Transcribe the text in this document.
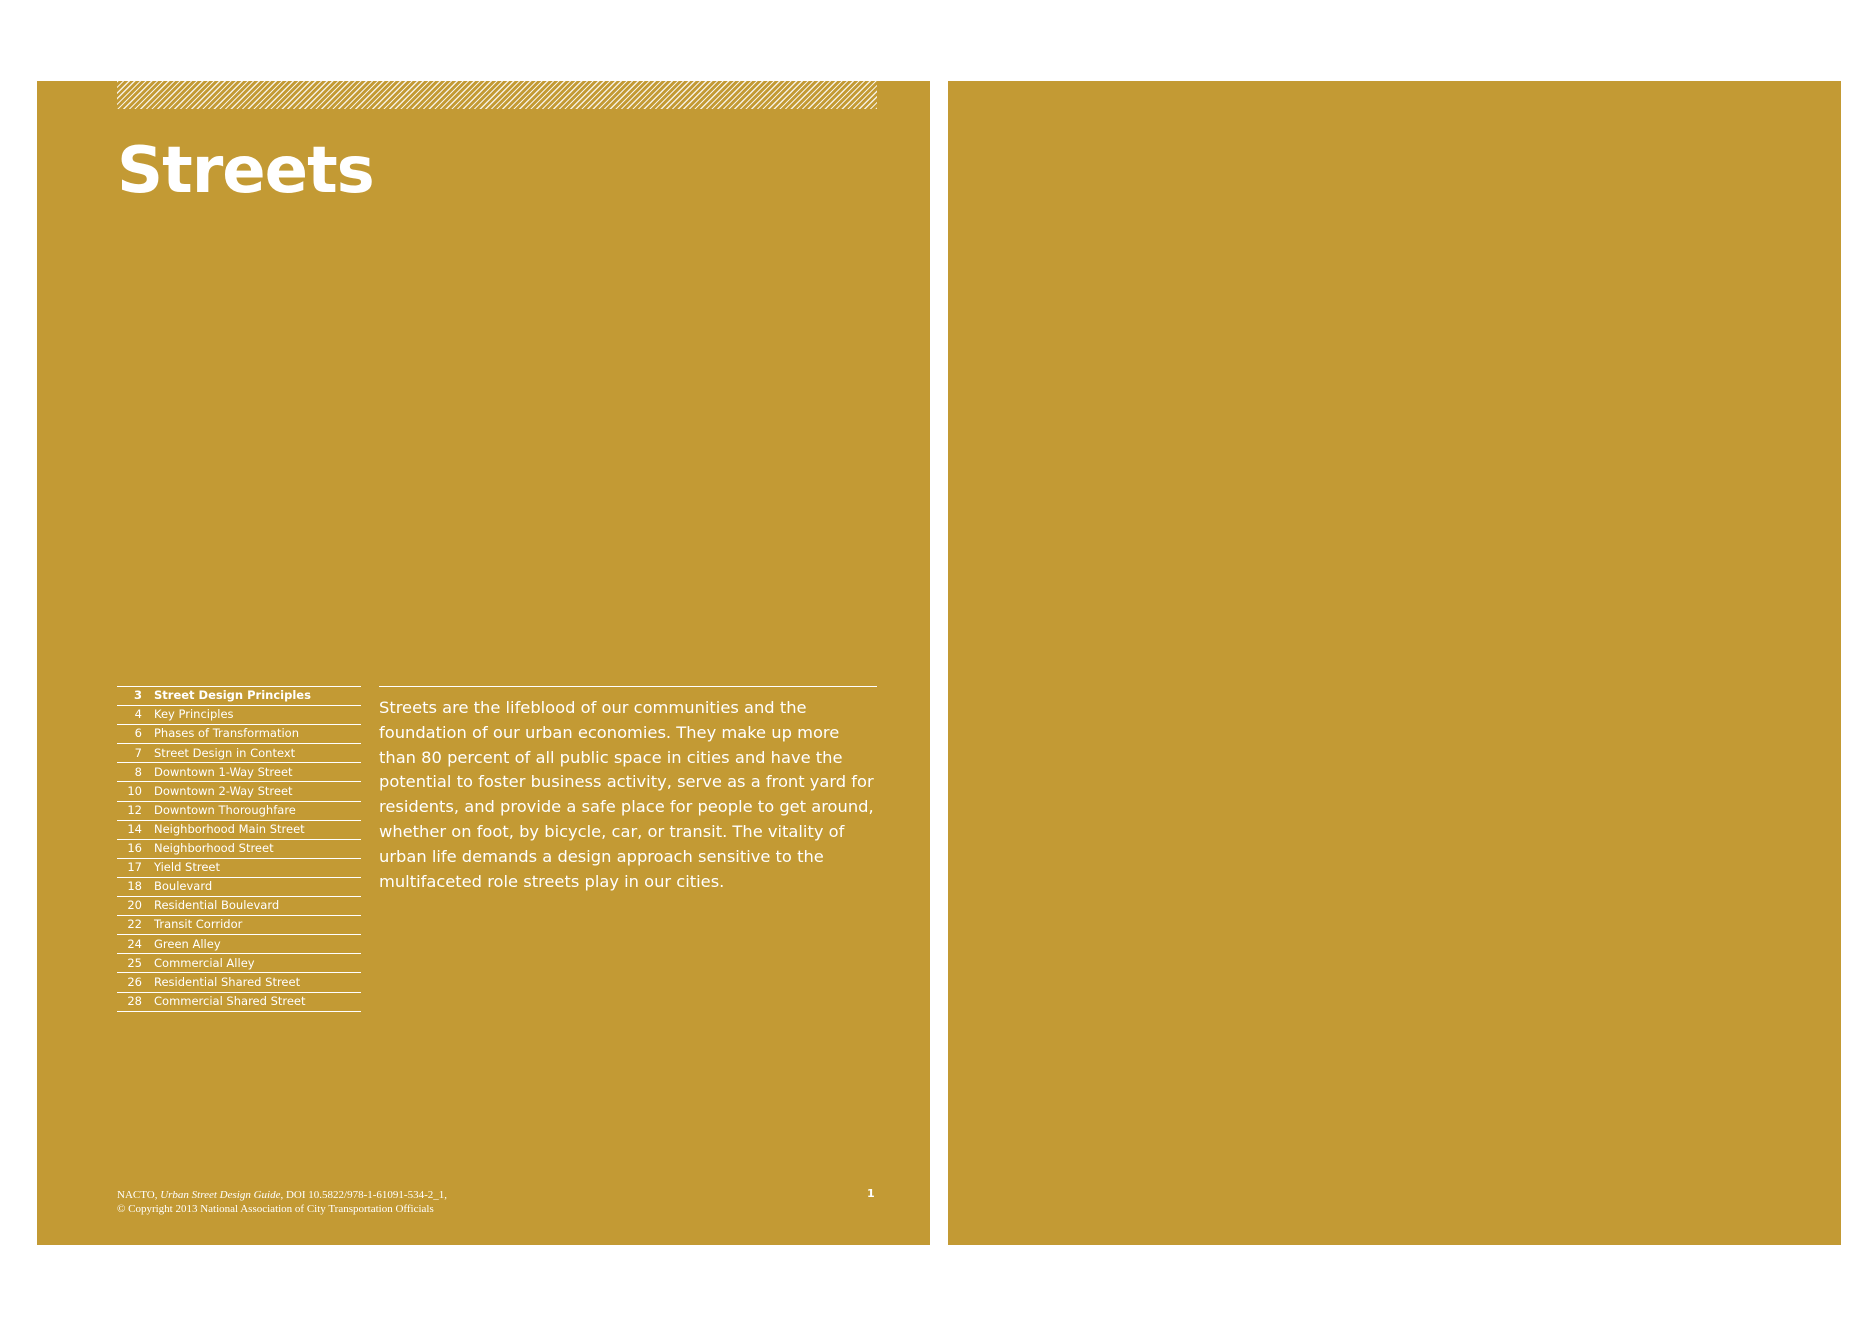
Streets
3 Street Design Principles
4 Key Principles
6 Phases of Transformation
7 Street Design in Context
8 Downtown 1-Way Street
10 Downtown 2-Way Street
12 Downtown Thoroughfare
14 Neighborhood Main Street
16 Neighborhood Street
17 Yield Street
18 Boulevard
20 Residential Boulevard
22 Transit Corridor
24 Green Alley
25 Commercial Alley
26 Residential Shared Street
28 Commercial Shared Street

Streets are the lifeblood of our communities and the foundation of our urban economies. They make up more than 80 percent of all public space in cities and have the potential to foster business activity, serve as a front yard for residents, and provide a safe place for people to get around, whether on foot, by bicycle, car, or transit. The vitality of urban life demands a design approach sensitive to the multifaceted role streets play in our cities.

NACTO, Urban Street Design Guide, DOI 10.5822/978-1-61091-534-2_1,
© Copyright 2013 National Association of City Transportation Officials
1
